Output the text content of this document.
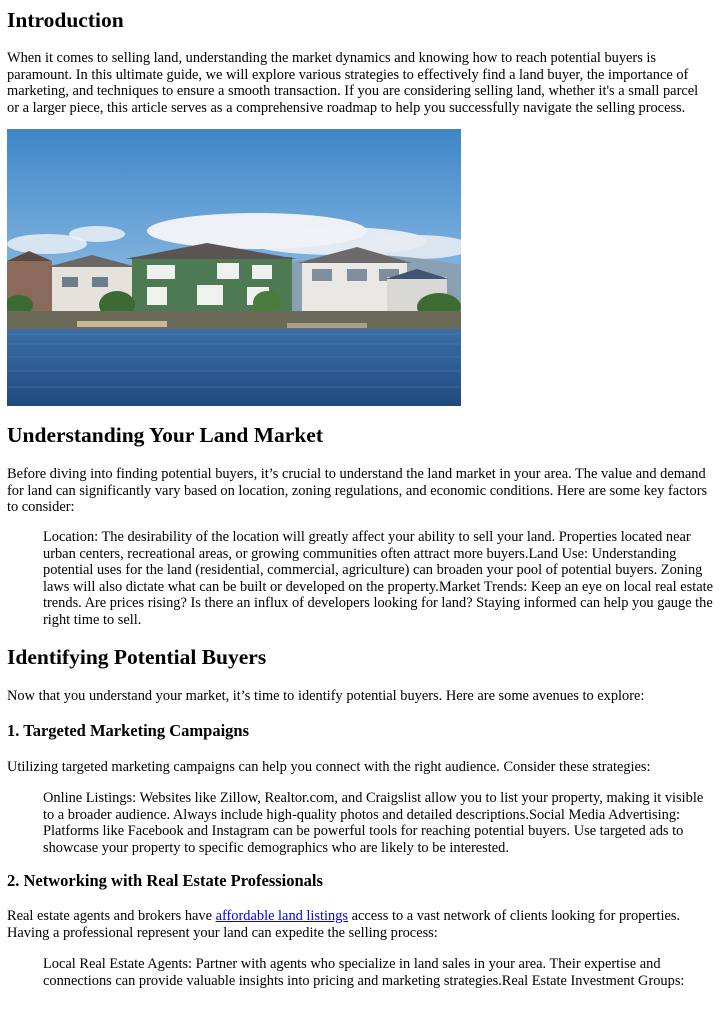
Introduction

When it comes to selling land, understanding the market dynamics and knowing how to reach potential buyers is paramount. In this ultimate guide, we will explore various strategies to effectively find a land buyer, the importance of marketing, and techniques to ensure a smooth transaction. If you are considering selling land, whether it's a small parcel or a larger piece, this article serves as a comprehensive roadmap to help you successfully navigate the selling process.

Understanding Your Land Market

Before diving into finding potential buyers, it’s crucial to understand the land market in your area. The value and demand for land can significantly vary based on location, zoning regulations, and economic conditions. Here are some key factors to consider:

Location: The desirability of the location will greatly affect your ability to sell your land. Properties located near urban centers, recreational areas, or growing communities often attract more buyers.Land Use: Understanding potential uses for the land (residential, commercial, agriculture) can broaden your pool of potential buyers. Zoning laws will also dictate what can be built or developed on the property.Market Trends: Keep an eye on local real estate trends. Are prices rising? Is there an influx of developers looking for land? Staying informed can help you gauge the right time to sell.

Identifying Potential Buyers

Now that you understand your market, it’s time to identify potential buyers. Here are some avenues to explore:

1. Targeted Marketing Campaigns

Utilizing targeted marketing campaigns can help you connect with the right audience. Consider these strategies:

Online Listings: Websites like Zillow, Realtor.com, and Craigslist allow you to list your property, making it visible to a broader audience. Always include high-quality photos and detailed descriptions.Social Media Advertising: Platforms like Facebook and Instagram can be powerful tools for reaching potential buyers. Use targeted ads to showcase your property to specific demographics who are likely to be interested.

2. Networking with Real Estate Professionals

Real estate agents and brokers have affordable land listings access to a vast network of clients looking for properties. Having a professional represent your land can expedite the selling process:

Local Real Estate Agents: Partner with agents who specialize in land sales in your area. Their expertise and connections can provide valuable insights into pricing and marketing strategies.Real Estate Investment Groups:
